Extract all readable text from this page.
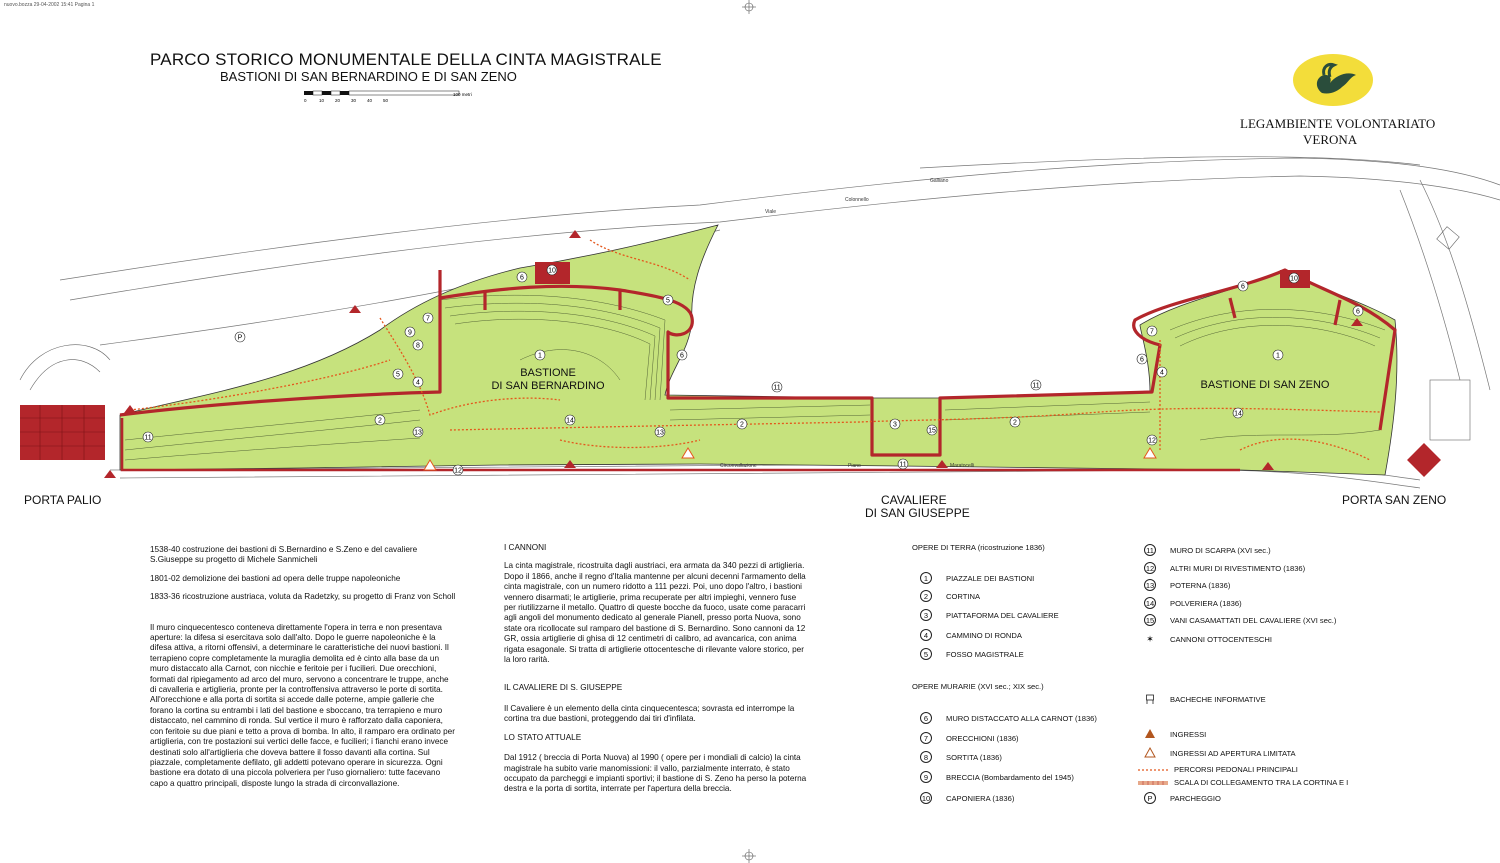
nuovo.bozza 29-04-2002 15:41 Pagina 1
PARCO STORICO MONUMENTALE DELLA CINTA MAGISTRALE
BASTIONI DI SAN BERNARDINO E DI SAN ZENO
0	10 20 30 40 50
100 metri
LEGAMBIENTE VOLONTARIATO
VERONA
1	1
2	2
2
3
4
4
5
5
6
6
6
6
6
7
7
8
9
10
10
11
11	11
11
12
13	13
12
14
14
15
P
BASTIONE
DI SAN BERNARDINO	BASTIONE DI SAN ZENO
Viale
Colonnello
Galliano
Circonvallazione	Piano	Maratocelli
PORTA PALIO	CAVALIERE
DI SAN GIUSEPPE
PORTA SAN ZENO

1538-40 costruzione dei bastioni di S.Bernardino e S.Zeno e del cavaliere S.Giuseppe su progetto di Michele Sanmicheli

1801-02 demolizione dei bastioni ad opera delle truppe napoleoniche

1833-36 ricostruzione austriaca, voluta da Radetzky, su progetto di Franz von Scholl

Il muro cinquecentesco conteneva direttamente l'opera in terra e non presentava aperture: la difesa si esercitava solo dall'alto. Dopo le guerre napoleoniche è la difesa attiva, a ritorni offensivi, a determinare le caratteristiche dei nuovi bastioni. Il terrapieno copre completamente la muraglia demolita ed è cinto alla base da un muro distaccato alla Carnot, con nicchie e feritoie per i fucilieri. Due orecchioni, formati dal ripiegamento ad arco del muro, servono a concentrare le truppe, anche di cavalleria e artiglieria, pronte per la controffensiva attraverso le porte di sortita. All'orecchione e alla porta di sortita si accede dalle poterne, ampie gallerie che forano la cortina su entrambi i lati del bastione e sboccano, tra terrapieno e muro distaccato, nel cammino di ronda. Sul vertice il muro è rafforzato dalla caponiera, con feritoie su due piani e tetto a prova di bomba. In alto, il ramparo era ordinato per artiglieria, con tre postazioni sui vertici delle facce, e fucilieri; i fianchi erano invece destinati solo all'artiglieria che doveva battere il fosso davanti alla cortina. Sul piazzale, completamente defilato, gli addetti potevano operare in sicurezza. Ogni bastione era dotato di una piccola polveriera per l'uso giornaliero: tutte facevano capo a quattro principali, disposte lungo la strada di circonvallazione.

I CANNONI

La cinta magistrale, ricostruita dagli austriaci, era armata da 340 pezzi di artiglieria. Dopo il 1866, anche il regno d'Italia mantenne per alcuni decenni l'armamento della cinta magistrale, con un numero ridotto a 111 pezzi. Poi, uno dopo l'altro, i bastioni vennero disarmati; le artiglierie, prima recuperate per altri impieghi, vennero fuse per riutilizzarne il metallo. Quattro di queste bocche da fuoco, usate come paracarri agli angoli del monumento dedicato al generale Pianell, presso porta Nuova, sono state ora ricollocate sul ramparo del bastione di S. Bernardino. Sono cannoni da 12 GR, ossia artiglierie di ghisa di 12 centimetri di calibro, ad avancarica, con anima rigata esagonale. Si tratta di artiglierie ottocentesche di rilevante valore storico, per la loro rarità.

IL CAVALIERE DI S. GIUSEPPE

Il Cavaliere è un elemento della cinta cinquecentesca; sovrasta ed interrompe la cortina tra due bastioni, proteggendo dai tiri d'infilata.

LO STATO ATTUALE

Dal 1912 ( breccia di Porta Nuova) al 1990 ( opere per i mondiali di calcio) la cinta magistrale ha subito varie manomissioni: il vallo, parzialmente interrato, è stato occupato da parcheggi e impianti sportivi; il bastione di S. Zeno ha perso la poterna destra e la porta di sortita, interrate per l'apertura della breccia.

OPERE DI TERRA (ricostruzione 1836)
1	PIAZZALE DEI BASTIONI
2	CORTINA
3	PIATTAFORMA DEL CAVALIERE
4	CAMMINO DI RONDA
5	FOSSO MAGISTRALE
OPERE MURARIE (XVI sec.; XIX sec.)
6	MURO DISTACCATO ALLA CARNOT (1836)
7	ORECCHIONI (1836)
8	SORTITA (1836)
9	BRECCIA (Bombardamento del 1945)
10 CAPONIERA (1836)
11 MURO DI SCARPA (XVI sec.)
12 ALTRI MURI DI RIVESTIMENTO (1836)
13 POTERNA (1836)
14 POLVERIERA (1836)
15 VANI CASAMATTATI DEL CAVALIERE (XVI sec.)
✶ CANNONI OTTOCENTESCHI
BACHECHE INFORMATIVE
INGRESSI
INGRESSI AD APERTURA LIMITATA
PERCORSI PEDONALI PRINCIPALI
SCALA DI COLLEGAMENTO TRA LA CORTINA E I
P	PARCHEGGIO
